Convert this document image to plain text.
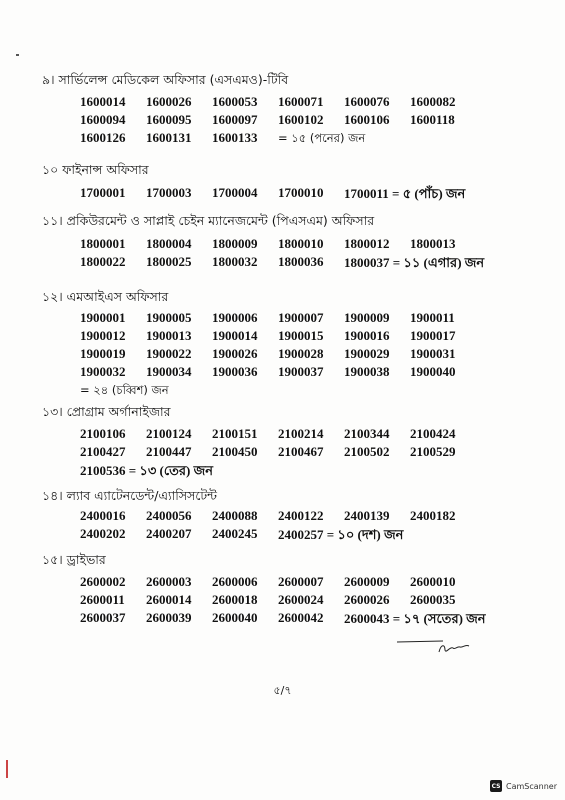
৯। সার্ভিলেন্স মেডিকেল অফিসার (এসএমও)-টিবি
1600014 1600026 1600053 1600071 1600076 1600082
1600094 1600095 1600097 1600102 1600106 1600118
1600126 1600131 1600133 = ১৫ (পনের) জন
১০ ফাইনান্স অফিসার
1700001 1700003 1700004 1700010 1700011 = ৫ (পাঁচ) জন
১১। প্রকিউরমেন্ট ও সাপ্লাই চেইন ম্যানেজমেন্ট (পিএসএম) অফিসার
1800001 1800004 1800009 1800010 1800012 1800013
1800022 1800025 1800032 1800036 1800037 = ১১ (এগার) জন
১২। এমআইএস অফিসার
1900001 1900005 1900006 1900007 1900009 1900011
1900012 1900013 1900014 1900015 1900016 1900017
1900019 1900022 1900026 1900028 1900029 1900031
1900032 1900034 1900036 1900037 1900038 1900040
= ২৪ (চব্বিশ) জন
১৩। প্রোগ্রাম অর্গানাইজার
2100106 2100124 2100151 2100214 2100344 2100424
2100427 2100447 2100450 2100467 2100502 2100529
2100536 = ১৩ (তের) জন
১৪। ল্যাব এ্যাটেনডেন্ট/এ্যাসিসটেন্ট
2400016 2400056 2400088 2400122 2400139 2400182
2400202 2400207 2400245 2400257 = ১০ (দশ) জন
১৫। ড্রাইভার
2600002 2600003 2600006 2600007 2600009 2600010
2600011 2600014 2600018 2600024 2600026 2600035
2600037 2600039 2600040 2600042 2600043 = ১৭ (সতের) জন
৫/৭
CS CamScanner
